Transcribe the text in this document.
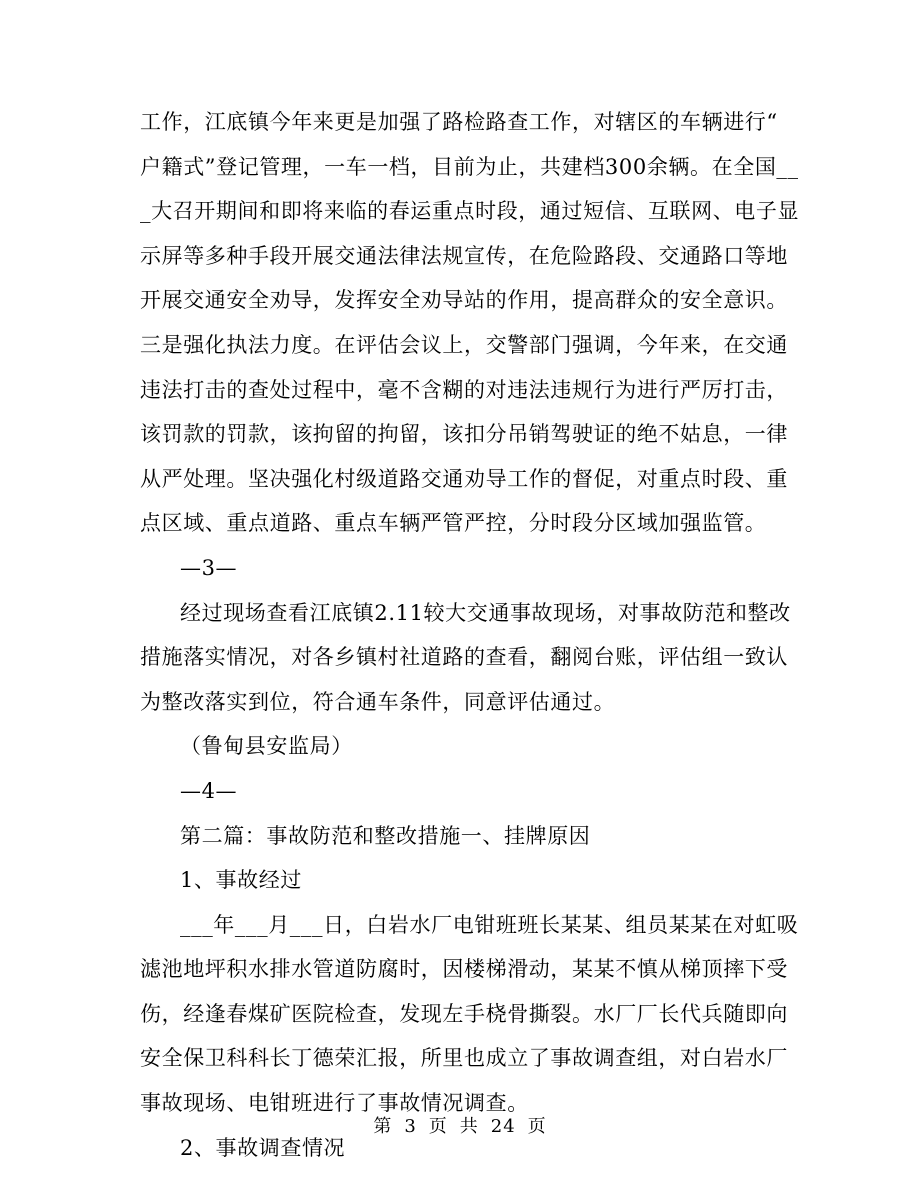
工作，江底镇今年来更是加强了路检路查工作，对辖区的车辆进行“
户籍式”登记管理，一车一档，目前为止，共建档300余辆。在全国__
_大召开期间和即将来临的春运重点时段，通过短信、互联网、电子显
示屏等多种手段开展交通法律法规宣传，在危险路段、交通路口等地
开展交通安全劝导，发挥安全劝导站的作用，提高群众的安全意识。
三是强化执法力度。在评估会议上，交警部门强调，今年来，在交通
违法打击的查处过程中，毫不含糊的对违法违规行为进行严厉打击，
该罚款的罚款，该拘留的拘留，该扣分吊销驾驶证的绝不姑息，一律
从严处理。坚决强化村级道路交通劝导工作的督促，对重点时段、重
点区域、重点道路、重点车辆严管严控，分时段分区域加强监管。
—3—
经过现场查看江底镇2.11较大交通事故现场，对事故防范和整改
措施落实情况，对各乡镇村社道路的查看，翻阅台账，评估组一致认
为整改落实到位，符合通车条件，同意评估通过。
（鲁甸县安监局）
—4—
第二篇：事故防范和整改措施一、挂牌原因
1、事故经过
___年___月___日，白岩水厂电钳班班长某某、组员某某在对虹吸
滤池地坪积水排水管道防腐时，因楼梯滑动，某某不慎从梯顶摔下受
伤，经逢春煤矿医院检查，发现左手桡骨撕裂。水厂厂长代兵随即向
安全保卫科科长丁德荣汇报，所里也成立了事故调查组，对白岩水厂
事故现场、电钳班进行了事故情况调查。
2、事故调查情况
第 3 页 共 24 页
